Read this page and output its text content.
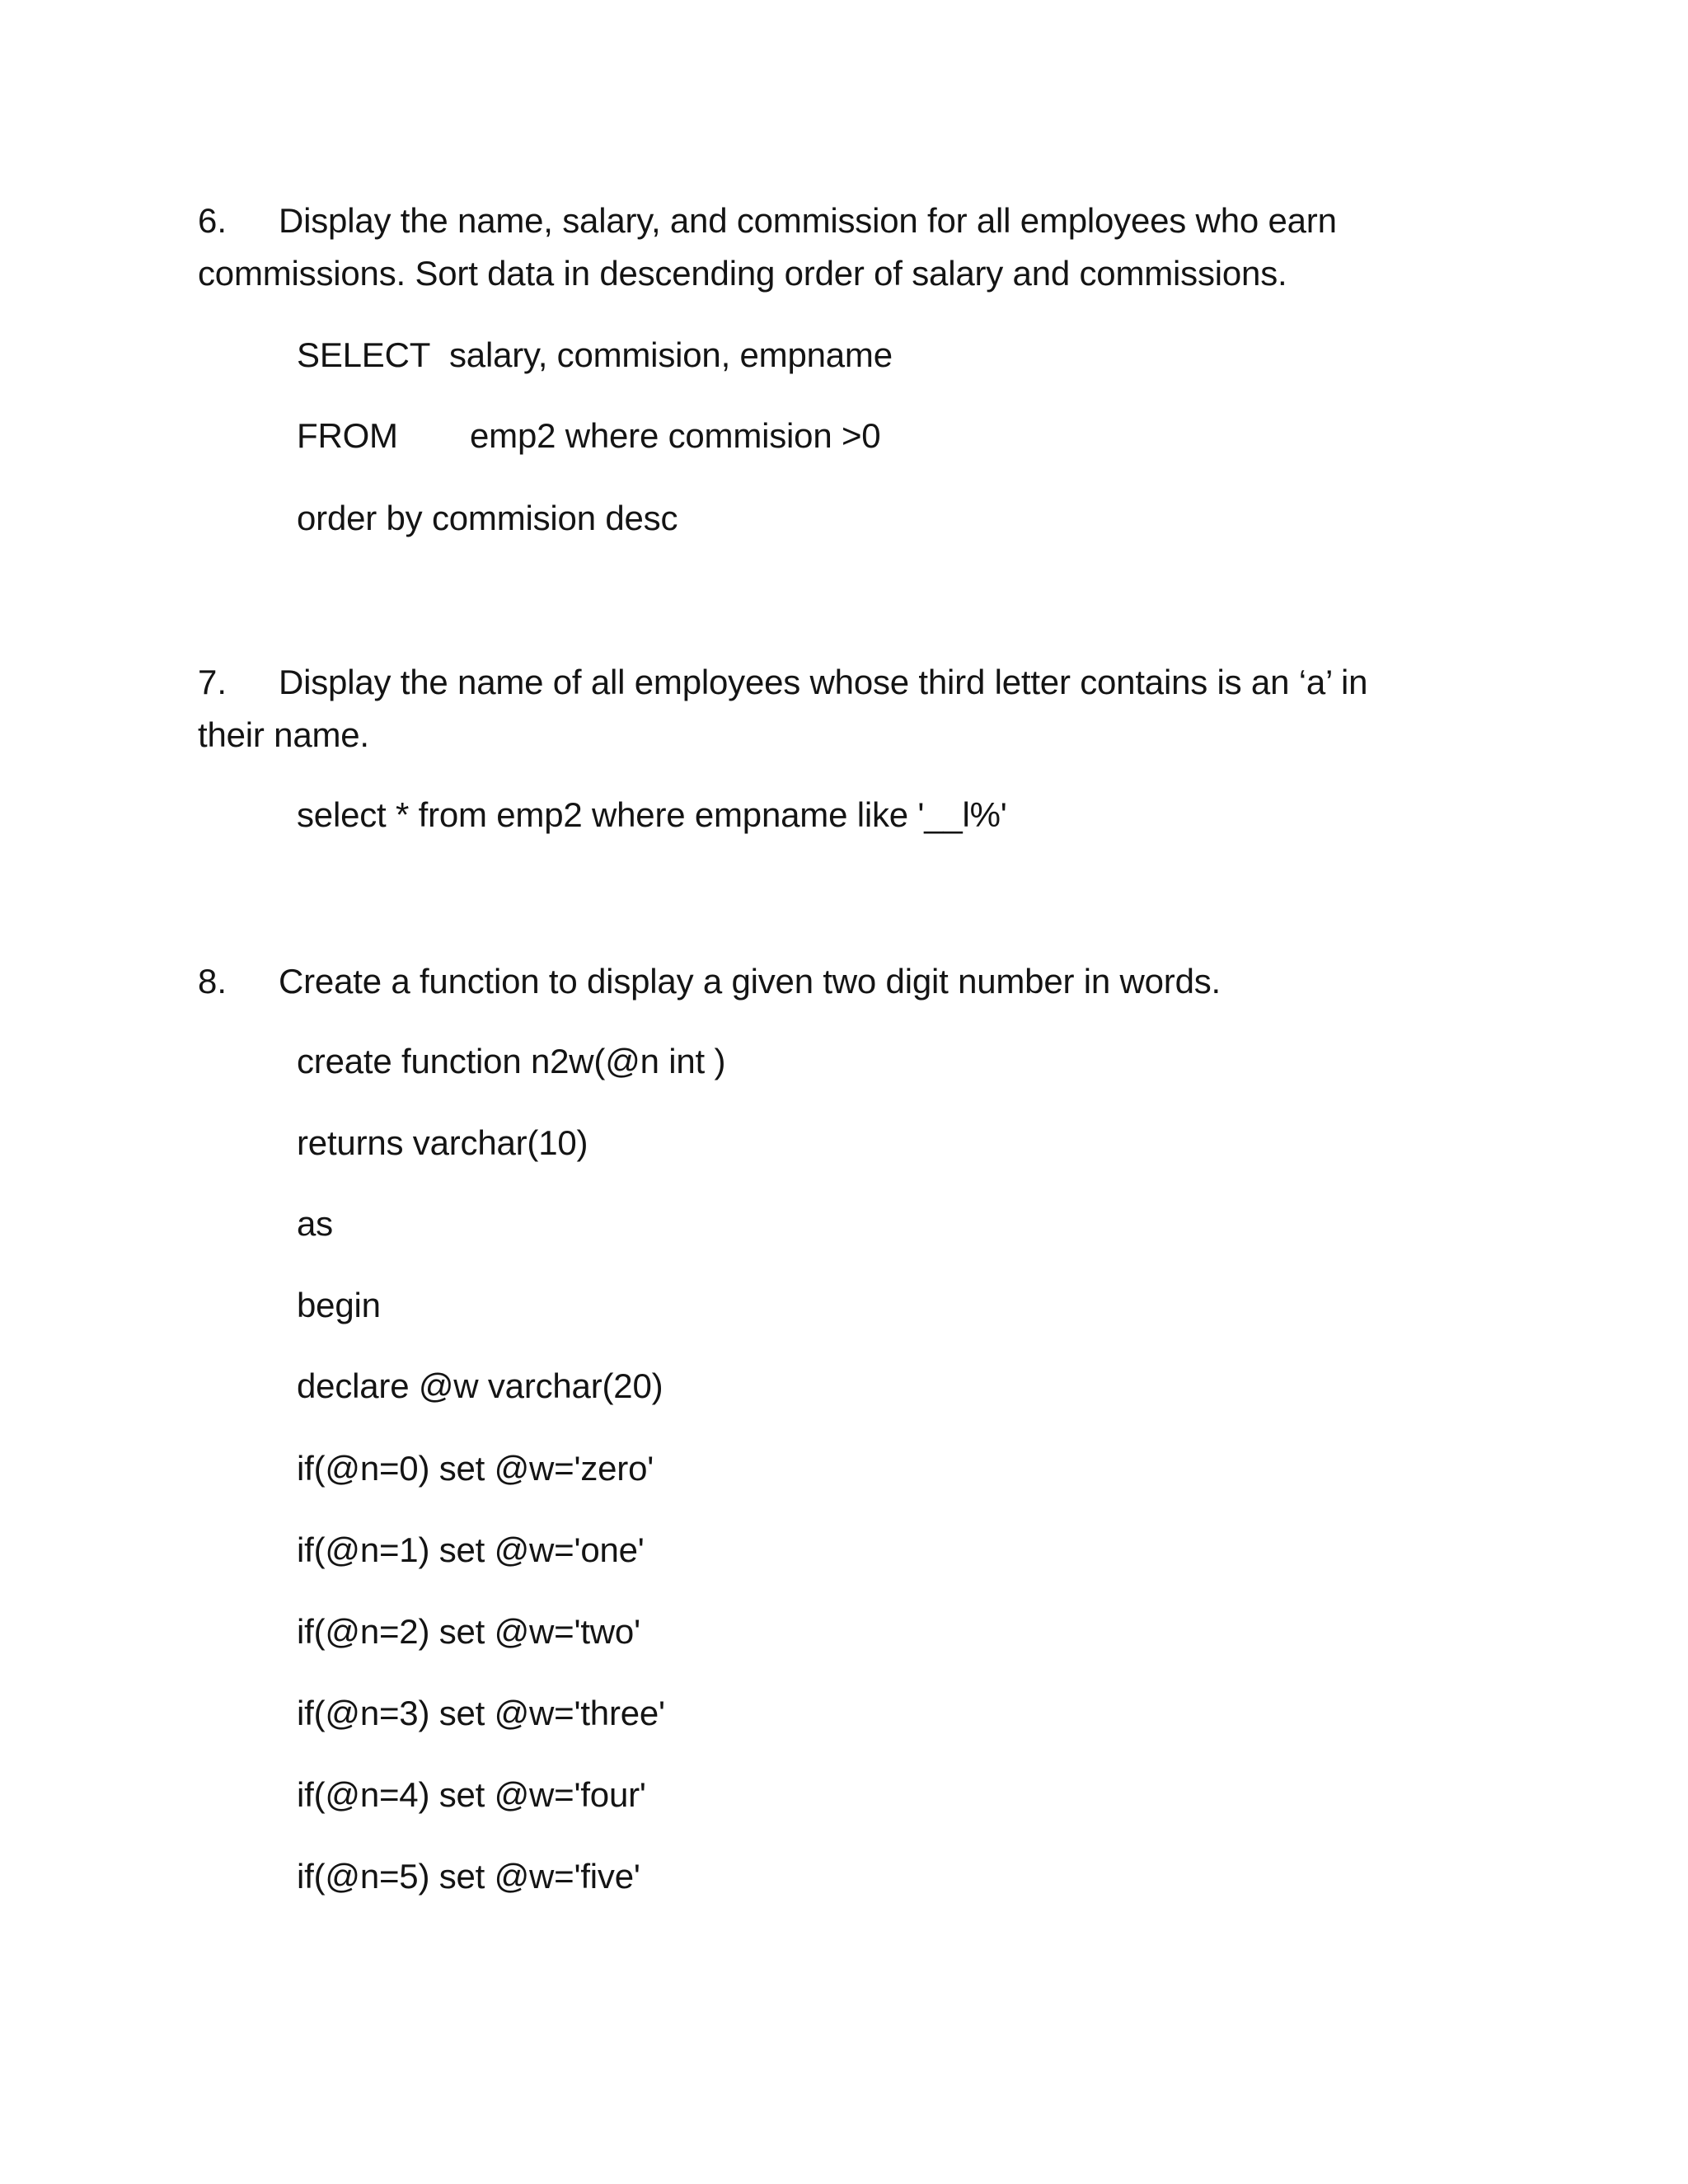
6. Display the name, salary, and commission for all employees who earn
commissions. Sort data in descending order of salary and commissions.
SELECT salary, commision, empname
FROM emp2 where commision >0
order by commision desc
7. Display the name of all employees whose third letter contains is an ‘a’ in
their name.
select * from emp2 where empname like '__l%'
8. Create a function to display a given two digit number in words.
create function n2w(@n int )
returns varchar(10)
as
begin
declare @w varchar(20)
if(@n=0) set @w='zero'
if(@n=1) set @w='one'
if(@n=2) set @w='two'
if(@n=3) set @w='three'
if(@n=4) set @w='four'
if(@n=5) set @w='five'
